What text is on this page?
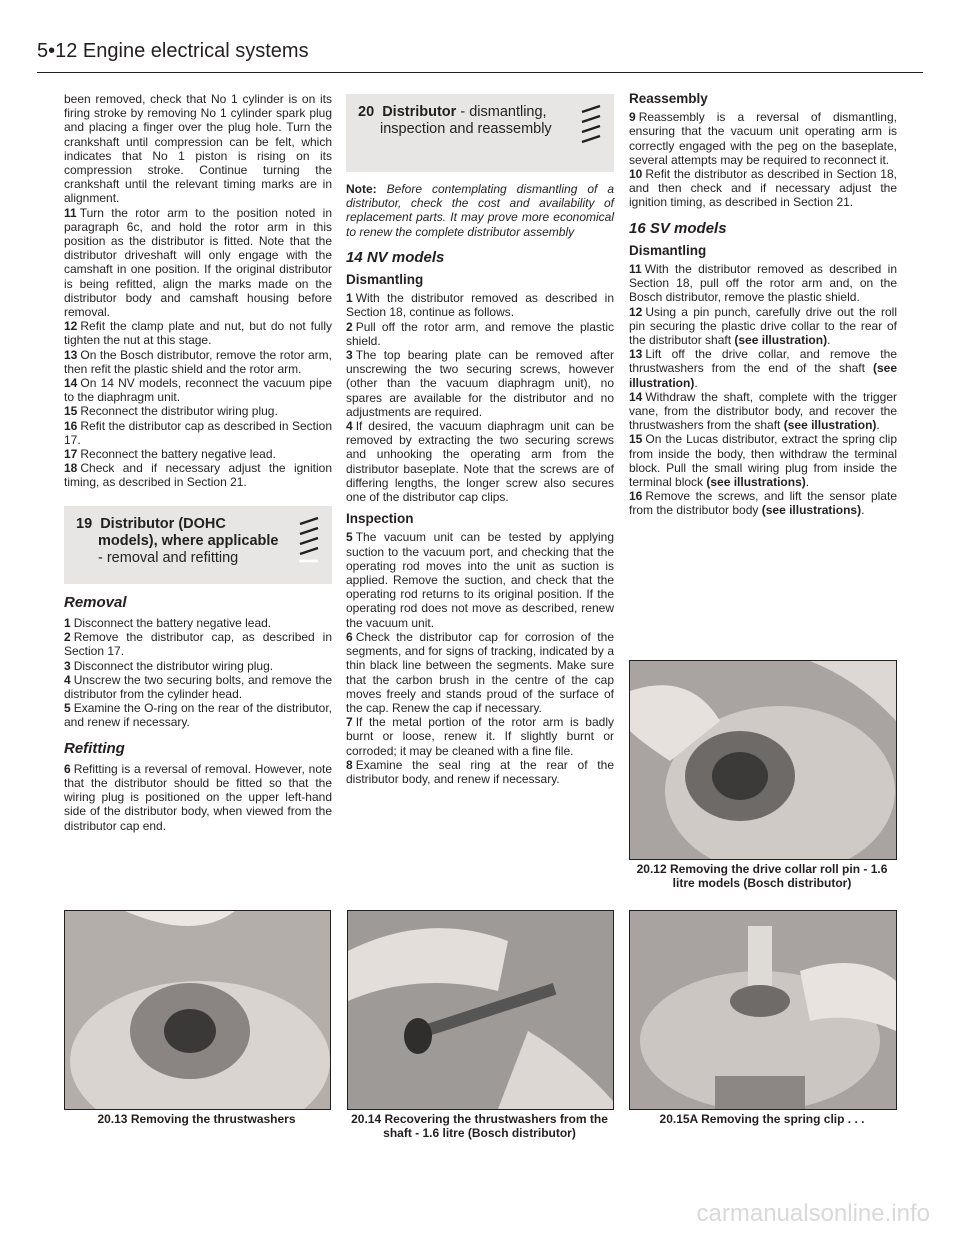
5•12 Engine electrical systems

been removed, check that No 1 cylinder is on its firing stroke by removing No 1 cylinder spark plug and placing a finger over the plug hole. Turn the crankshaft until compression can be felt, which indicates that No 1 piston is rising on its compression stroke. Continue turning the crankshaft until the relevant timing marks are in alignment.

11 Turn the rotor arm to the position noted in paragraph 6c, and hold the rotor arm in this position as the distributor is fitted. Note that the distributor driveshaft will only engage with the camshaft in one position. If the original distributor is being refitted, align the marks made on the distributor body and camshaft housing before removal.

12 Refit the clamp plate and nut, but do not fully tighten the nut at this stage.

13 On the Bosch distributor, remove the rotor arm, then refit the plastic shield and the rotor arm.

14 On 14 NV models, reconnect the vacuum pipe to the diaphragm unit.

15 Reconnect the distributor wiring plug.

16 Refit the distributor cap as described in Section 17.

17 Reconnect the battery negative lead.

18 Check and if necessary adjust the ignition timing, as described in Section 21.

19 Distributor (DOHC models), where applicable - removal and refitting
Removal

1 Disconnect the battery negative lead.

2 Remove the distributor cap, as described in Section 17.

3 Disconnect the distributor wiring plug.

4 Unscrew the two securing bolts, and remove the distributor from the cylinder head.

5 Examine the O-ring on the rear of the distributor, and renew if necessary.

Refitting

6 Refitting is a reversal of removal. However, note that the distributor should be fitted so that the wiring plug is positioned on the upper left-hand side of the distributor body, when viewed from the distributor cap end.

20 Distributor - dismantling, inspection and reassembly

Note: Before contemplating dismantling of a distributor, check the cost and availability of replacement parts. It may prove more economical to renew the complete distributor assembly

14 NV models
Dismantling

1 With the distributor removed as described in Section 18, continue as follows.

2 Pull off the rotor arm, and remove the plastic shield.

3 The top bearing plate can be removed after unscrewing the two securing screws, however (other than the vacuum diaphragm unit), no spares are available for the distributor and no adjustments are required.

4 If desired, the vacuum diaphragm unit can be removed by extracting the two securing screws and unhooking the operating arm from the distributor baseplate. Note that the screws are of differing lengths, the longer screw also secures one of the distributor cap clips.

Inspection

5 The vacuum unit can be tested by applying suction to the vacuum port, and checking that the operating rod moves into the unit as suction is applied. Remove the suction, and check that the operating rod returns to its original position. If the operating rod does not move as described, renew the vacuum unit.

6 Check the distributor cap for corrosion of the segments, and for signs of tracking, indicated by a thin black line between the segments. Make sure that the carbon brush in the centre of the cap moves freely and stands proud of the surface of the cap. Renew the cap if necessary.

7 If the metal portion of the rotor arm is badly burnt or loose, renew it. If slightly burnt or corroded; it may be cleaned with a fine file.

8 Examine the seal ring at the rear of the distributor body, and renew if necessary.

Reassembly

9 Reassembly is a reversal of dismantling, ensuring that the vacuum unit operating arm is correctly engaged with the peg on the baseplate, several attempts may be required to reconnect it.

10 Refit the distributor as described in Section 18, and then check and if necessary adjust the ignition timing, as described in Section 21.

16 SV models
Dismantling

11 With the distributor removed as described in Section 18, pull off the rotor arm and, on the Bosch distributor, remove the plastic shield.

12 Using a pin punch, carefully drive out the roll pin securing the plastic drive collar to the rear of the distributor shaft (see illustration).

13 Lift off the drive collar, and remove the thrustwashers from the end of the shaft (see illustration).

14 Withdraw the shaft, complete with the trigger vane, from the distributor body, and recover the thrustwashers from the shaft (see illustration).

15 On the Lucas distributor, extract the spring clip from inside the body, then withdraw the terminal block. Pull the small wiring plug from inside the terminal block (see illustrations).

16 Remove the screws, and lift the sensor plate from the distributor body (see illustrations).

20.12 Removing the drive collar roll pin - 1.6 litre models (Bosch distributor)
20.13 Removing the thrustwashers	20.14 Recovering the thrustwashers from the shaft - 1.6 litre (Bosch distributor)
20.15A Removing the spring clip . . .
carmanualsonline.info
